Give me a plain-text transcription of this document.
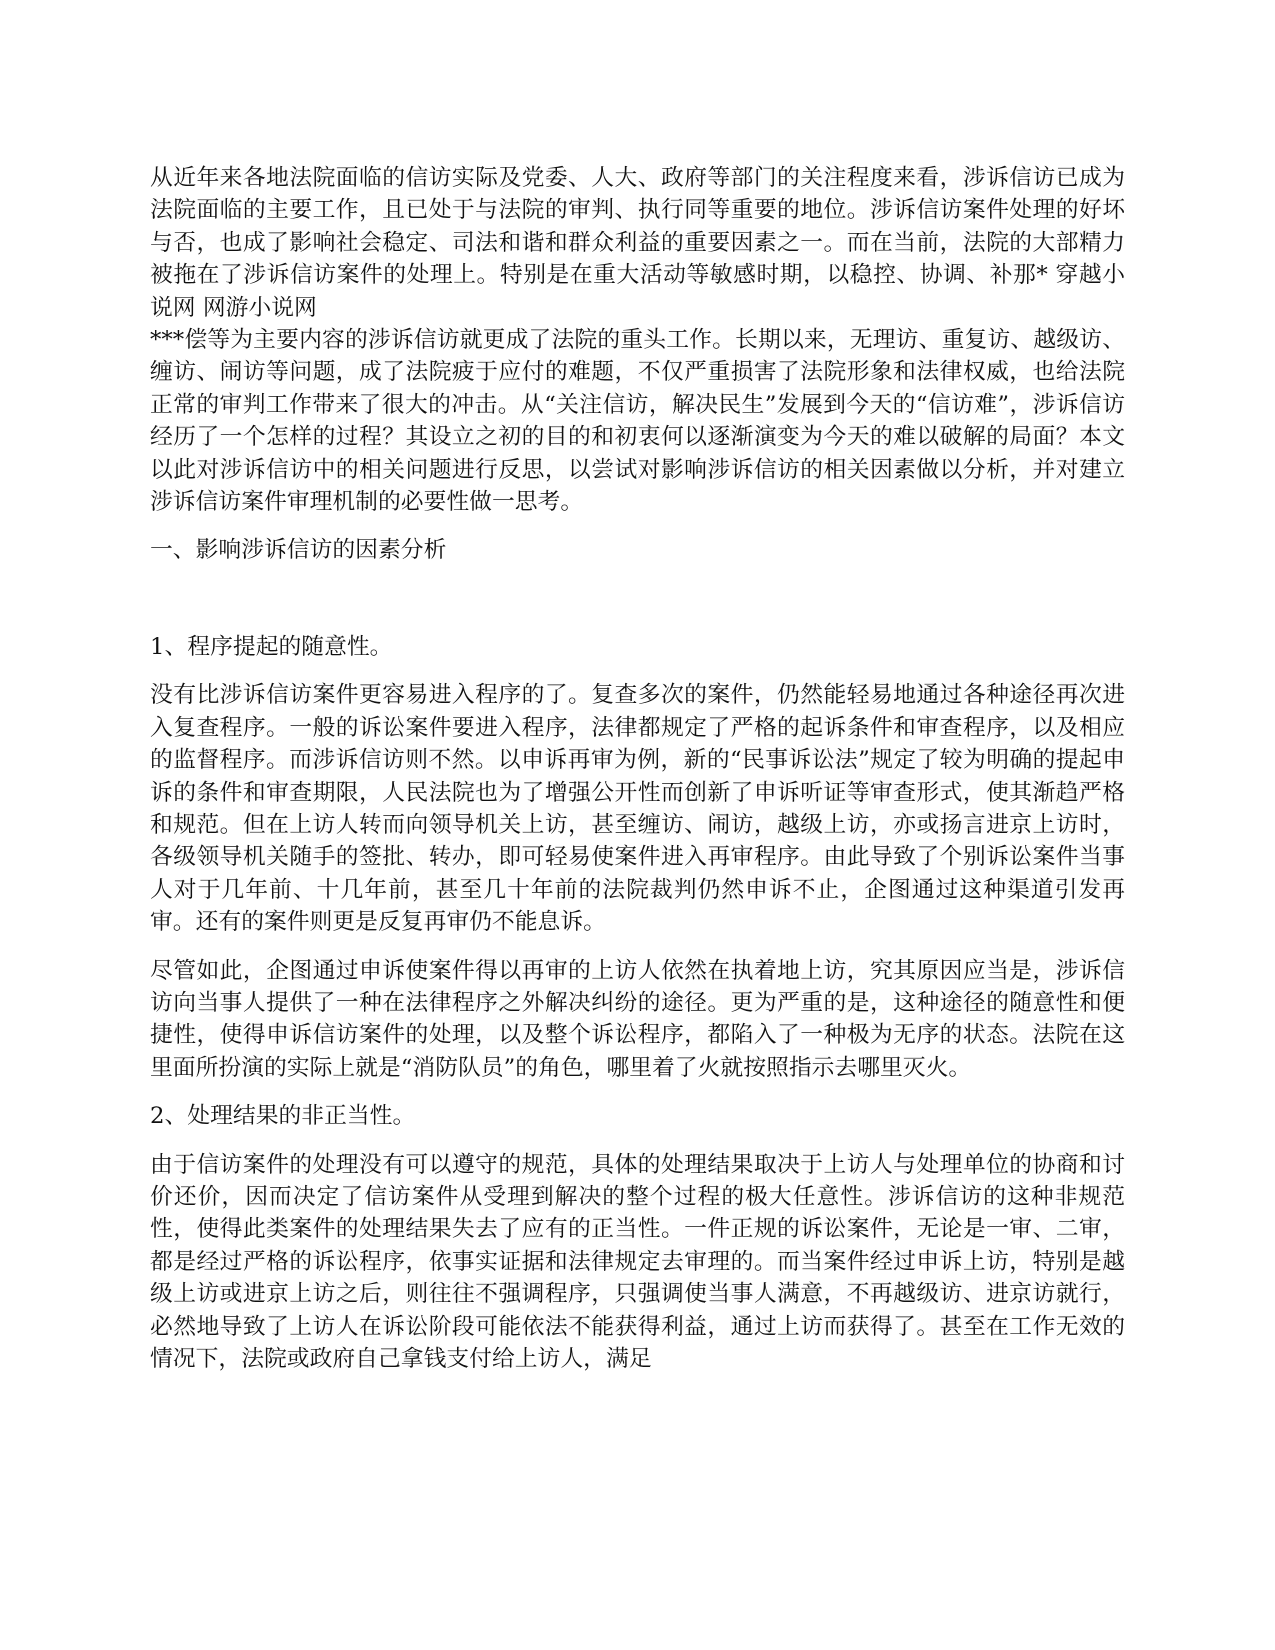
从近年来各地法院面临的信访实际及党委、人大、政府等部门的关注程度来看，涉诉信访已成为法院面临的主要工作，且已处于与法院的审判、执行同等重要的地位。涉诉信访案件处理的好坏与否，也成了影响社会稳定、司法和谐和群众利益的重要因素之一。而在当前，法院的大部精力被拖在了涉诉信访案件的处理上。特别是在重大活动等敏感时期，以稳控、协调、补那* 穿越小说网 网游小说网

***偿等为主要内容的涉诉信访就更成了法院的重头工作。长期以来，无理访、重复访、越级访、缠访、闹访等问题，成了法院疲于应付的难题，不仅严重损害了法院形象和法律权威，也给法院正常的审判工作带来了很大的冲击。从“关注信访，解决民生”发展到今天的“信访难”，涉诉信访经历了一个怎样的过程？其设立之初的目的和初衷何以逐渐演变为今天的难以破解的局面？本文以此对涉诉信访中的相关问题进行反思，以尝试对影响涉诉信访的相关因素做以分析，并对建立涉诉信访案件审理机制的必要性做一思考。

一、影响涉诉信访的因素分析
1、程序提起的随意性。

没有比涉诉信访案件更容易进入程序的了。复查多次的案件，仍然能轻易地通过各种途径再次进入复查程序。一般的诉讼案件要进入程序，法律都规定了严格的起诉条件和审查程序，以及相应的监督程序。而涉诉信访则不然。以申诉再审为例，新的“民事诉讼法”规定了较为明确的提起申诉的条件和审查期限，人民法院也为了增强公开性而创新了申诉听证等审查形式，使其渐趋严格和规范。但在上访人转而向领导机关上访，甚至缠访、闹访，越级上访，亦或扬言进京上访时，各级领导机关随手的签批、转办，即可轻易使案件进入再审程序。由此导致了个别诉讼案件当事人对于几年前、十几年前，甚至几十年前的法院裁判仍然申诉不止，企图通过这种渠道引发再审。还有的案件则更是反复再审仍不能息诉。

尽管如此，企图通过申诉使案件得以再审的上访人依然在执着地上访，究其原因应当是，涉诉信访向当事人提供了一种在法律程序之外解决纠纷的途径。更为严重的是，这种途径的随意性和便捷性，使得申诉信访案件的处理，以及整个诉讼程序，都陷入了一种极为无序的状态。法院在这里面所扮演的实际上就是“消防队员”的角色，哪里着了火就按照指示去哪里灭火。

2、处理结果的非正当性。

由于信访案件的处理没有可以遵守的规范，具体的处理结果取决于上访人与处理单位的协商和讨价还价，因而决定了信访案件从受理到解决的整个过程的极大任意性。涉诉信访的这种非规范性，使得此类案件的处理结果失去了应有的正当性。一件正规的诉讼案件，无论是一审、二审，都是经过严格的诉讼程序，依事实证据和法律规定去审理的。而当案件经过申诉上访，特别是越级上访或进京上访之后，则往往不强调程序，只强调使当事人满意，不再越级访、进京访就行，必然地导致了上访人在诉讼阶段可能依法不能获得利益，通过上访而获得了。甚至在工作无效的情况下，法院或政府自己拿钱支付给上访人，满足
